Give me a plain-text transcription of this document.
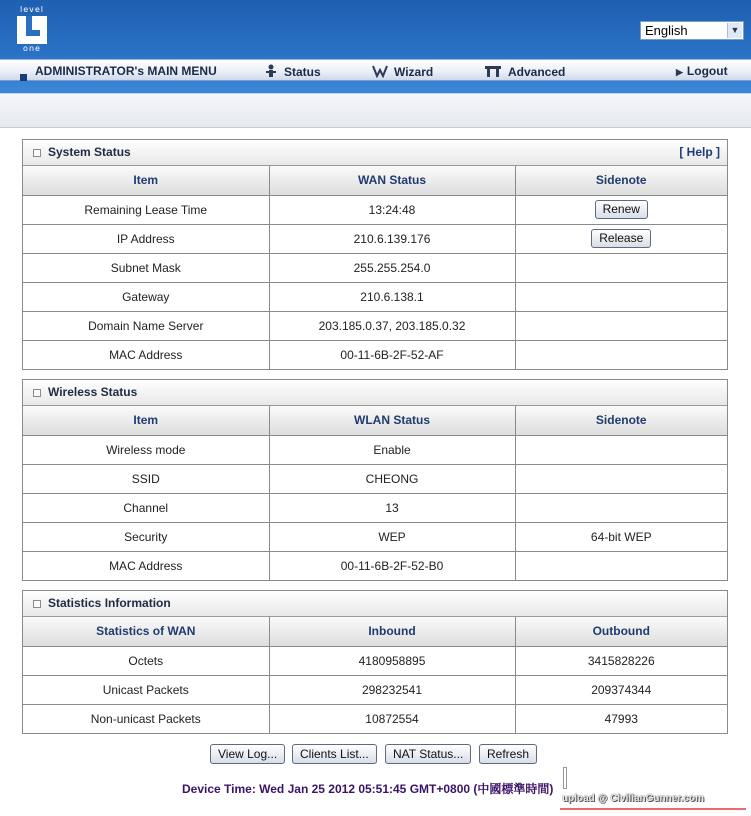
level
one
English	▼
ADMINISTRATOR's MAIN MENU	Status	Wizard	Advanced	▶ Logout
System Status	[ Help ]
Item	WAN Status	Sidenote
Remaining Lease Time	13:24:48	Renew
IP Address	210.6.139.176	Release
Subnet Mask	255.255.254.0	
Gateway	210.6.138.1	
Domain Name Server	203.185.0.37, 203.185.0.32	
MAC Address	00-11-6B-2F-52-AF	
Wireless Status
Item	WLAN Status	Sidenote
Wireless mode	Enable	
SSID	CHEONG	
Channel	13	
Security	WEP	64-bit WEP
MAC Address	00-11-6B-2F-52-B0	
Statistics Information
Statistics of WAN	Inbound	Outbound
Octets	4180958895	3415828226
Unicast Packets	298232541	209374344
Non-unicast Packets	10872554	47993
View Log...	Clients List...	NAT Status...	Refresh
Device Time: Wed Jan 25 2012 05:51:45 GMT+0800 (中國標準時間)
upload @ CivilianGunner.com
